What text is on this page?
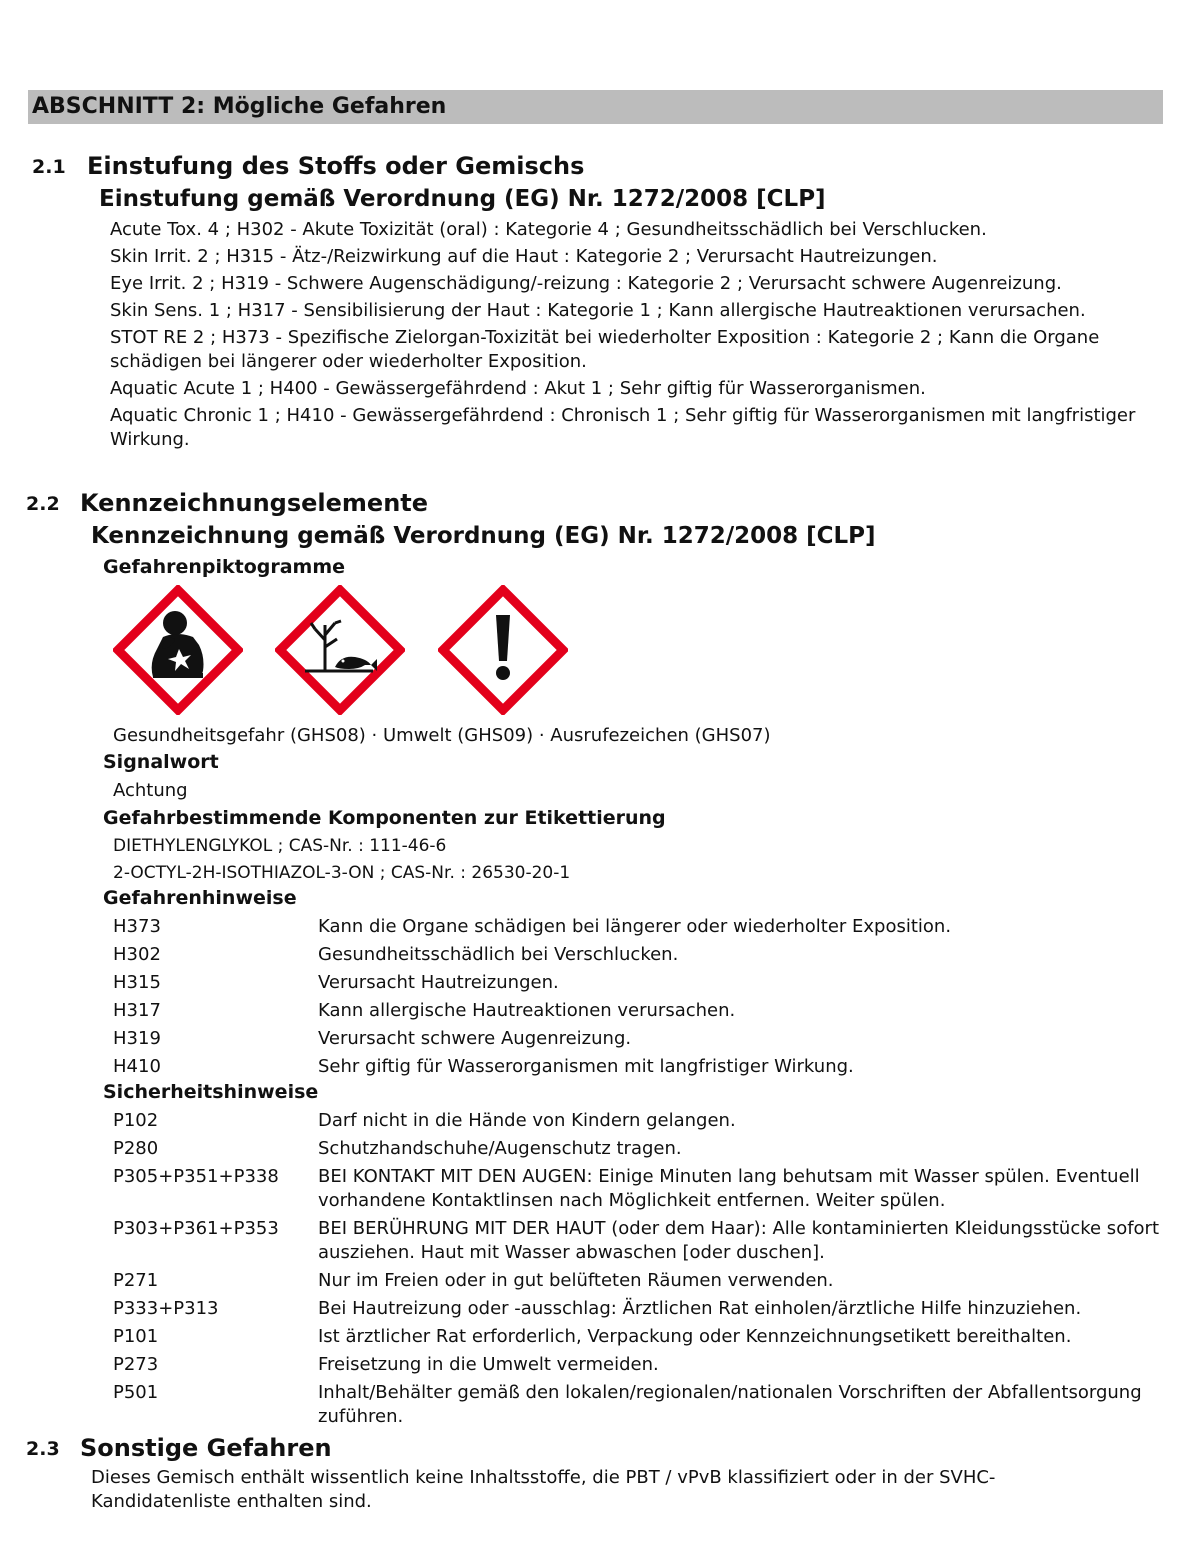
ABSCHNITT 2: Mögliche Gefahren
2.1 Einstufung des Stoffs oder Gemischs
Einstufung gemäß Verordnung (EG) Nr. 1272/2008 [CLP]
Acute Tox. 4 ; H302 - Akute Toxizität (oral) : Kategorie 4 ; Gesundheitsschädlich bei Verschlucken.
Skin Irrit. 2 ; H315 - Ätz-/Reizwirkung auf die Haut : Kategorie 2 ; Verursacht Hautreizungen.
Eye Irrit. 2 ; H319 - Schwere Augenschädigung/-reizung : Kategorie 2 ; Verursacht schwere Augenreizung.
Skin Sens. 1 ; H317 - Sensibilisierung der Haut : Kategorie 1 ; Kann allergische Hautreaktionen verursachen.
STOT RE 2 ; H373 - Spezifische Zielorgan-Toxizität bei wiederholter Exposition : Kategorie 2 ; Kann die Organe schädigen bei längerer oder wiederholter Exposition.
Aquatic Acute 1 ; H400 - Gewässergefährdend : Akut 1 ; Sehr giftig für Wasserorganismen.
Aquatic Chronic 1 ; H410 - Gewässergefährdend : Chronisch 1 ; Sehr giftig für Wasserorganismen mit langfristiger Wirkung.
2.2 Kennzeichnungselemente
Kennzeichnung gemäß Verordnung (EG) Nr. 1272/2008 [CLP]
Gefahrenpiktogramme
Gesundheitsgefahr (GHS08) · Umwelt (GHS09) · Ausrufezeichen (GHS07)
Signalwort
Achtung
Gefahrbestimmende Komponenten zur Etikettierung
DIETHYLENGLYKOL ; CAS-Nr. : 111-46-6
2-OCTYL-2H-ISOTHIAZOL-3-ON ; CAS-Nr. : 26530-20-1
Gefahrenhinweise
H373	Kann die Organe schädigen bei längerer oder wiederholter Exposition.
H302	Gesundheitsschädlich bei Verschlucken.
H315	Verursacht Hautreizungen.
H317	Kann allergische Hautreaktionen verursachen.
H319	Verursacht schwere Augenreizung.
H410	Sehr giftig für Wasserorganismen mit langfristiger Wirkung.
Sicherheitshinweise
P102	Darf nicht in die Hände von Kindern gelangen.
P280	Schutzhandschuhe/Augenschutz tragen.
P305+P351+P338	BEI KONTAKT MIT DEN AUGEN: Einige Minuten lang behutsam mit Wasser spülen. Eventuell vorhandene Kontaktlinsen nach Möglichkeit entfernen. Weiter spülen.
P303+P361+P353	BEI BERÜHRUNG MIT DER HAUT (oder dem Haar): Alle kontaminierten Kleidungsstücke sofort ausziehen. Haut mit Wasser abwaschen [oder duschen].
P271	Nur im Freien oder in gut belüfteten Räumen verwenden.
P333+P313	Bei Hautreizung oder -ausschlag: Ärztlichen Rat einholen/ärztliche Hilfe hinzuziehen.
P101	Ist ärztlicher Rat erforderlich, Verpackung oder Kennzeichnungsetikett bereithalten.
P273	Freisetzung in die Umwelt vermeiden.
P501	Inhalt/Behälter gemäß den lokalen/regionalen/nationalen Vorschriften der Abfallentsorgung zuführen.
2.3 Sonstige Gefahren
Dieses Gemisch enthält wissentlich keine Inhaltsstoffe, die PBT / vPvB klassifiziert oder in der SVHC-Kandidatenliste enthalten sind.
